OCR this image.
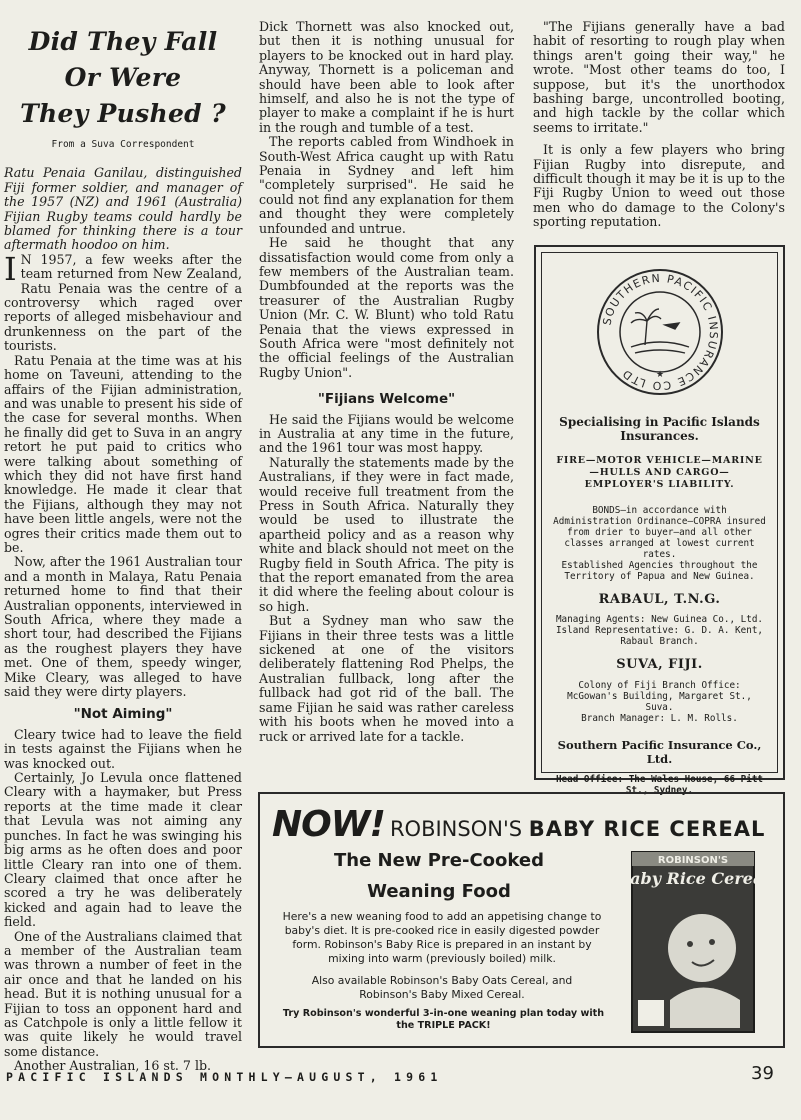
Did They Fall
Or Were
They Pushed ?
From a Suva Correspondent

Ratu Penaia Ganilau, distinguished Fiji former soldier, and manager of the 1957 (NZ) and 1961 (Australia) Fijian Rugby teams could hardly be blamed for thinking there is a tour aftermath hoodoo on him.

I N 1957, a few weeks after the team returned from New Zealand, Ratu Penaia was the centre of a controversy which raged over reports of alleged misbehaviour and drunkenness on the part of the tourists.

Ratu Penaia at the time was at his home on Taveuni, attending to the affairs of the Fijian administration, and was unable to present his side of the case for several months. When he finally did get to Suva in an angry retort he put paid to critics who were talking about something of which they did not have first hand knowledge. He made it clear that the Fijians, although they may not have been little angels, were not the ogres their critics made them out to be.

Now, after the 1961 Australian tour and a month in Malaya, Ratu Penaia returned home to find that their Australian opponents, interviewed in South Africa, where they made a short tour, had described the Fijians as the roughest players they have met. One of them, speedy winger, Mike Cleary, was alleged to have said they were dirty players.

"Not Aiming"

Cleary twice had to leave the field in tests against the Fijians when he was knocked out.

Certainly, Jo Levula once flattened Cleary with a haymaker, but Press reports at the time made it clear that Levula was not aiming any punches. In fact he was swinging his big arms as he often does and poor little Cleary ran into one of them. Cleary claimed that once after he scored a try he was deliberately kicked and again had to leave the field.

One of the Australians claimed that a member of the Australian team was thrown a number of feet in the air once and that he landed on his head. But it is nothing unusual for a Fijian to toss an opponent hard and as Catchpole is only a little fellow it was quite likely he would travel some distance.

Another Australian, 16 st. 7 lb.

Dick Thornett was also knocked out, but then it is nothing unusual for players to be knocked out in hard play. Anyway, Thornett is a policeman and should have been able to look after himself, and also he is not the type of player to make a complaint if he is hurt in the rough and tumble of a test.

The reports cabled from Windhoek in South-West Africa caught up with Ratu Penaia in Sydney and left him "completely surprised". He said he could not find any explanation for them and thought they were completely unfounded and untrue.

He said he thought that any dissatisfaction would come from only a few members of the Australian team. Dumbfounded at the reports was the treasurer of the Australian Rugby Union (Mr. C. W. Blunt) who told Ratu Penaia that the views expressed in South Africa were "most definitely not the official feelings of the Australian Rugby Union".

"Fijians Welcome"

He said the Fijians would be welcome in Australia at any time in the future, and the 1961 tour was most happy.

Naturally the statements made by the Australians, if they were in fact made, would receive full treatment from the Press in South Africa. Naturally they would be used to illustrate the apartheid policy and as a reason why white and black should not meet on the Rugby field in South Africa. The pity is that the report emanated from the area it did where the feeling about colour is so high.

But a Sydney man who saw the Fijians in their three tests was a little sickened at one of the visitors deliberately flattening Rod Phelps, the Australian fullback, long after the fullback had got rid of the ball. The same Fijian he said was rather careless with his boots when he moved into a ruck or arrived late for a tackle.

"The Fijians generally have a bad habit of resorting to rough play when things aren't going their way," he wrote. "Most other teams do too, I suppose, but it's the unorthodox bashing barge, uncontrolled booting, and high tackle by the collar which seems to irritate."

It is only a few players who bring Fijian Rugby into disrepute, and difficult though it may be it is up to the Fiji Rugby Union to weed out those men who do damage to the Colony's sporting reputation.

SOUTHERN PACIFIC INSURANCE CO LTD	★
Specialising in Pacific Islands Insurances.
FIRE—MOTOR VEHICLE—MARINE —HULLS AND CARGO— EMPLOYER'S LIABILITY.
BONDS—in accordance with Administration Ordinance—COPRA insured from drier to buyer—and all other classes arranged at lowest current rates.
Established Agencies throughout the Territory of Papua and New Guinea.
RABAUL, T.N.G.
Managing Agents: New Guinea Co., Ltd.
Island Representative: G. D. A. Kent, Rabaul Branch.
SUVA, FIJI.
Colony of Fiji Branch Office: McGowan's Building, Margaret St., Suva.
Branch Manager: L. M. Rolls.
Southern Pacific Insurance Co., Ltd.
Head Office: The Wales House, 66 Pitt St., Sydney.
NOW! ROBINSON'S BABY RICE CEREAL
The New Pre-Cooked
Weaning Food
Here's a new weaning food to add an appetising change to baby's diet. It is pre-cooked rice in easily digested powder form. Robinson's Baby Rice is prepared in an instant by mixing into warm (previously boiled) milk.
Also available Robinson's Baby Oats Cereal, and Robinson's Baby Mixed Cereal.
Try Robinson's wonderful 3-in-one weaning plan today with the TRIPLE PACK!
ROBINSON'S
Baby Rice Cereal
PACIFIC ISLANDS MONTHLY—AUGUST, 1961	39
